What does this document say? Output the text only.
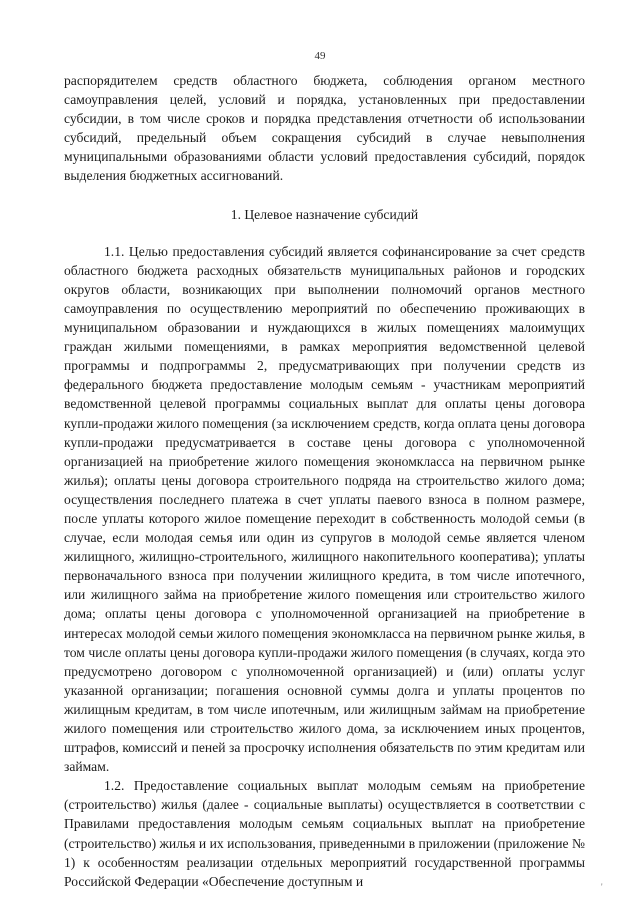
49

распорядителем средств областного бюджета, соблюдения органом местного самоуправления целей, условий и порядка, установленных при предоставлении субсидии, в том числе сроков и порядка представления отчетности об использовании субсидий, предельный объем сокращения субсидий в случае невыполнения муниципальными образованиями области условий предоставления субсидий, порядок выделения бюджетных ассигнований.

1. Целевое назначение субсидий

1.1. Целью предоставления субсидий является софинансирование за счет средств областного бюджета расходных обязательств муниципальных районов и городских округов области, возникающих при выполнении полномочий органов местного самоуправления по осуществлению мероприятий по обеспечению проживающих в муниципальном образовании и нуждающихся в жилых помещениях малоимущих граждан жилыми помещениями, в рамках мероприятия ведомственной целевой программы и подпрограммы 2, предусматривающих при получении средств из федерального бюджета предоставление молодым семьям - участникам мероприятий ведомственной целевой программы социальных выплат для оплаты цены договора купли-продажи жилого помещения (за исключением средств, когда оплата цены договора купли-продажи предусматривается в составе цены договора с уполномоченной организацией на приобретение жилого помещения экономкласса на первичном рынке жилья); оплаты цены договора строительного подряда на строительство жилого дома; осуществления последнего платежа в счет уплаты паевого взноса в полном размере, после уплаты которого жилое помещение переходит в собственность молодой семьи (в случае, если молодая семья или один из супругов в молодой семье является членом жилищного, жилищно-строительного, жилищного накопительного кооператива); уплаты первоначального взноса при получении жилищного кредита, в том числе ипотечного, или жилищного займа на приобретение жилого помещения или строительство жилого дома; оплаты цены договора с уполномоченной организацией на приобретение в интересах молодой семьи жилого помещения экономкласса на первичном рынке жилья, в том числе оплаты цены договора купли-продажи жилого помещения (в случаях, когда это предусмотрено договором с уполномоченной организацией) и (или) оплаты услуг указанной организации; погашения основной суммы долга и уплаты процентов по жилищным кредитам, в том числе ипотечным, или жилищным займам на приобретение жилого помещения или строительство жилого дома, за исключением иных процентов, штрафов, комиссий и пеней за просрочку исполнения обязательств по этим кредитам или займам.

1.2. Предоставление социальных выплат молодым семьям на приобретение (строительство) жилья (далее - социальные выплаты) осуществляется в соответствии с Правилами предоставления молодым семьям социальных выплат на приобретение (строительство) жилья и их использования, приведенными в приложении (приложение № 1) к особенностям реализации отдельных мероприятий государственной программы Российской Федерации «Обеспечение доступным и	'
